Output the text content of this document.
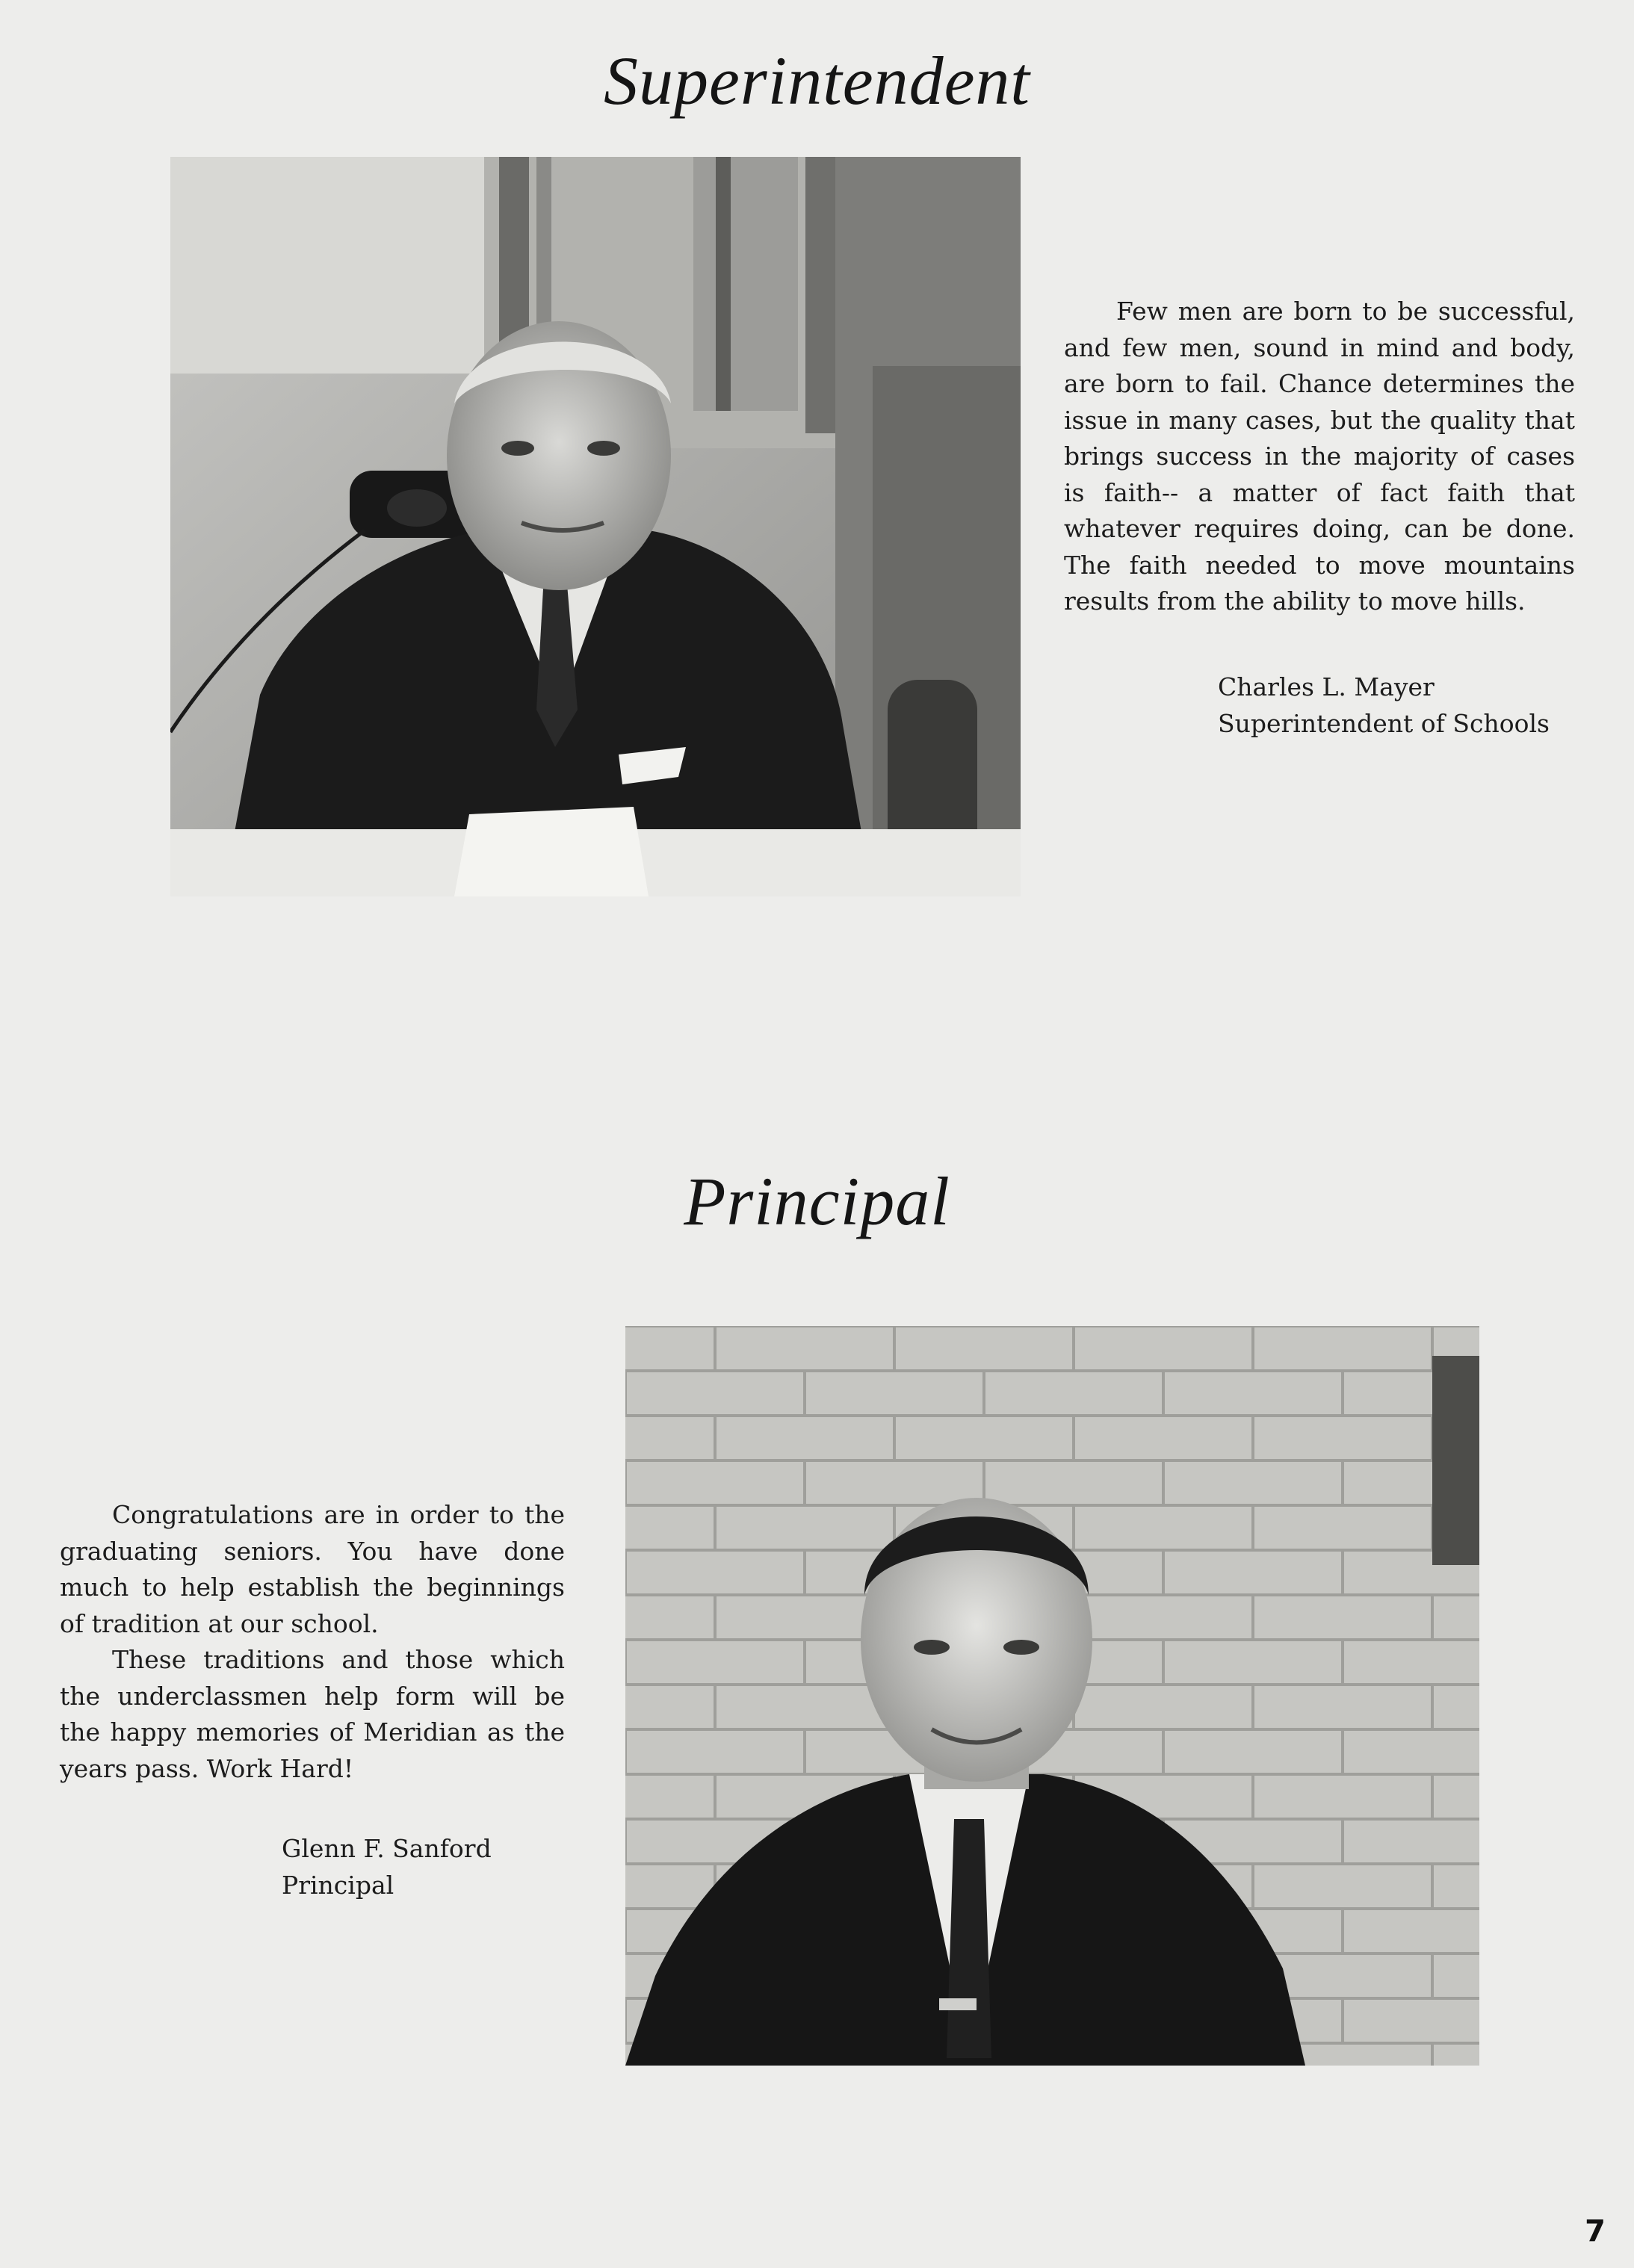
Superintendent

Few men are born to be successful, and few men, sound in mind and body, are born to fail. Chance determines the issue in many cases, but the quality that brings success in the majority of cases is faith-- a matter of fact faith that whatever requires doing, can be done. The faith needed to move mountains results from the ability to move hills.

Charles L. Mayer
Superintendent of Schools
Principal

Congratulations are in order to the graduating seniors. You have done much to help establish the beginnings of tradition at our school.

These traditions and those which the underclassmen help form will be the happy memories of Meridian as the years pass. Work Hard!

Glenn F. Sanford
Principal
7
